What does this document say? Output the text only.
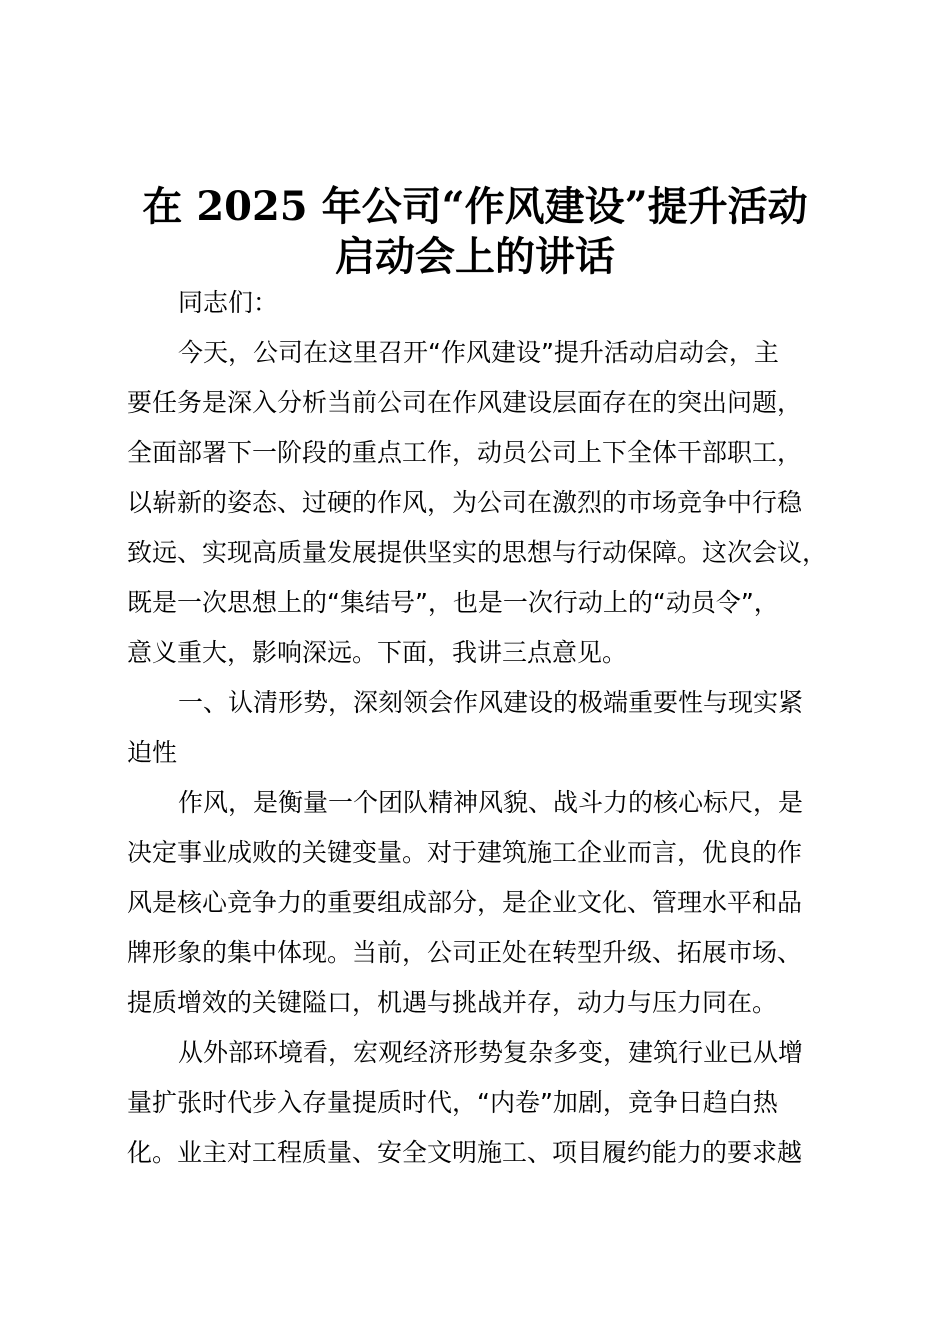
在 2025 年公司“作风建设”提升活动
启动会上的讲话
同志们：
今天，公司在这里召开“作风建设”提升活动启动会，主
要任务是深入分析当前公司在作风建设层面存在的突出问题，
全面部署下一阶段的重点工作，动员公司上下全体干部职工，
以崭新的姿态、过硬的作风，为公司在激烈的市场竞争中行稳
致远、实现高质量发展提供坚实的思想与行动保障。这次会议，
既是一次思想上的“集结号”，也是一次行动上的“动员令”，
意义重大，影响深远。下面，我讲三点意见。
一、认清形势，深刻领会作风建设的极端重要性与现实紧
迫性
作风，是衡量一个团队精神风貌、战斗力的核心标尺，是
决定事业成败的关键变量。对于建筑施工企业而言，优良的作
风是核心竞争力的重要组成部分，是企业文化、管理水平和品
牌形象的集中体现。当前，公司正处在转型升级、拓展市场、
提质增效的关键隘口，机遇与挑战并存，动力与压力同在。
从外部环境看，宏观经济形势复杂多变，建筑行业已从增
量扩张时代步入存量提质时代，“内卷”加剧，竞争日趋白热
化。业主对工程质量、安全文明施工、项目履约能力的要求越
